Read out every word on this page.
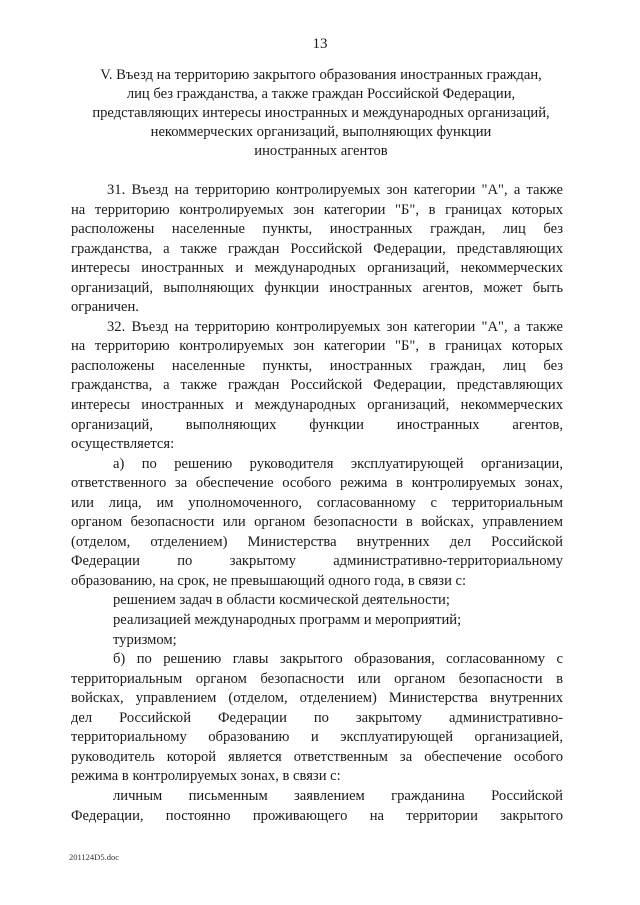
13
V. Въезд на территорию закрытого образования иностранных граждан,
лиц без гражданства, а также граждан Российской Федерации,
представляющих интересы иностранных и международных организаций,
некоммерческих организаций, выполняющих функции
иностранных агентов
31. Въезд на территорию контролируемых зон категории "А", а также
на территорию контролируемых зон категории "Б", в границах которых
расположены населенные пункты, иностранных граждан, лиц без
гражданства, а также граждан Российской Федерации, представляющих
интересы иностранных и международных организаций, некоммерческих
организаций, выполняющих функции иностранных агентов, может быть
ограничен.
32. Въезд на территорию контролируемых зон категории "А", а также
на территорию контролируемых зон категории "Б", в границах которых
расположены населенные пункты, иностранных граждан, лиц без
гражданства, а также граждан Российской Федерации, представляющих
интересы иностранных и международных организаций, некоммерческих
организаций, выполняющих функции иностранных агентов,
осуществляется:
а) по решению руководителя эксплуатирующей организации,
ответственного за обеспечение особого режима в контролируемых зонах,
или лица, им уполномоченного, согласованному с территориальным
органом безопасности или органом безопасности в войсках, управлением
(отделом, отделением) Министерства внутренних дел Российской
Федерации по закрытому административно-территориальному
образованию, на срок, не превышающий одного года, в связи с:
решением задач в области космической деятельности;
реализацией международных программ и мероприятий;
туризмом;
б) по решению главы закрытого образования, согласованному с
территориальным органом безопасности или органом безопасности в
войсках, управлением (отделом, отделением) Министерства внутренних
дел Российской Федерации по закрытому административно-
территориальному образованию и эксплуатирующей организацией,
руководитель которой является ответственным за обеспечение особого
режима в контролируемых зонах, в связи с:
личным письменным заявлением гражданина Российской
Федерации, постоянно проживающего на территории закрытого
201124D5.doc
